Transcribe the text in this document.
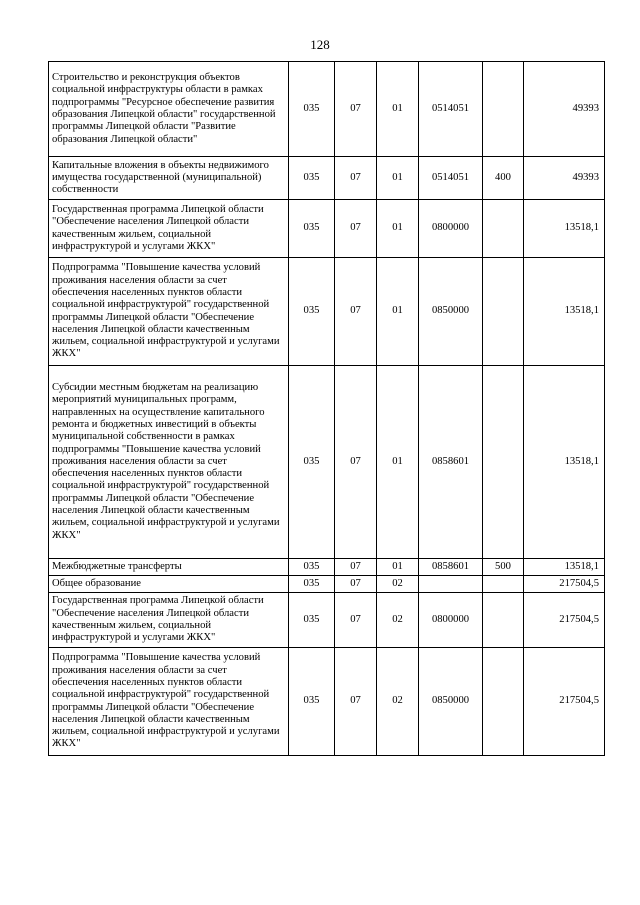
128
Строительство и реконструкция объектов социальной инфраструктуры области в рамках подпрограммы "Ресурсное обеспечение развития образования Липецкой области" государственной программы Липецкой области "Развитие образования Липецкой области"	035	07	01	0514051		49393
Капитальные вложения в объекты недвижимого имущества государственной (муниципальной) собственности	035	07	01	0514051	400	49393
Государственная программа Липецкой области "Обеспечение населения Липецкой области качественным жильем, социальной инфраструктурой и услугами ЖКХ"	035	07	01	0800000		13518,1
Подпрограмма "Повышение качества условий проживания населения области за счет обеспечения населенных пунктов области социальной инфраструктурой" государственной программы Липецкой области "Обеспечение населения Липецкой области качественным жильем, социальной инфраструктурой и услугами ЖКХ"	035	07	01	0850000		13518,1
Субсидии местным бюджетам на реализацию мероприятий муниципальных программ, направленных на осуществление капитального ремонта и бюджетных инвестиций в объекты муниципальной собственности в рамках подпрограммы "Повышение качества условий проживания населения области за счет обеспечения населенных пунктов области социальной инфраструктурой" государственной программы Липецкой области "Обеспечение населения Липецкой области качественным жильем, социальной инфраструктурой и услугами ЖКХ"	035	07	01	0858601		13518,1
Межбюджетные трансферты	035	07	01	0858601	500	13518,1
Общее образование	035	07	02			217504,5
Государственная программа Липецкой области "Обеспечение населения Липецкой области качественным жильем, социальной инфраструктурой и услугами ЖКХ"	035	07	02	0800000		217504,5
Подпрограмма "Повышение качества условий проживания населения области за счет обеспечения населенных пунктов области социальной инфраструктурой" государственной программы Липецкой области "Обеспечение населения Липецкой области качественным жильем, социальной инфраструктурой и услугами ЖКХ"	035	07	02	0850000		217504,5
